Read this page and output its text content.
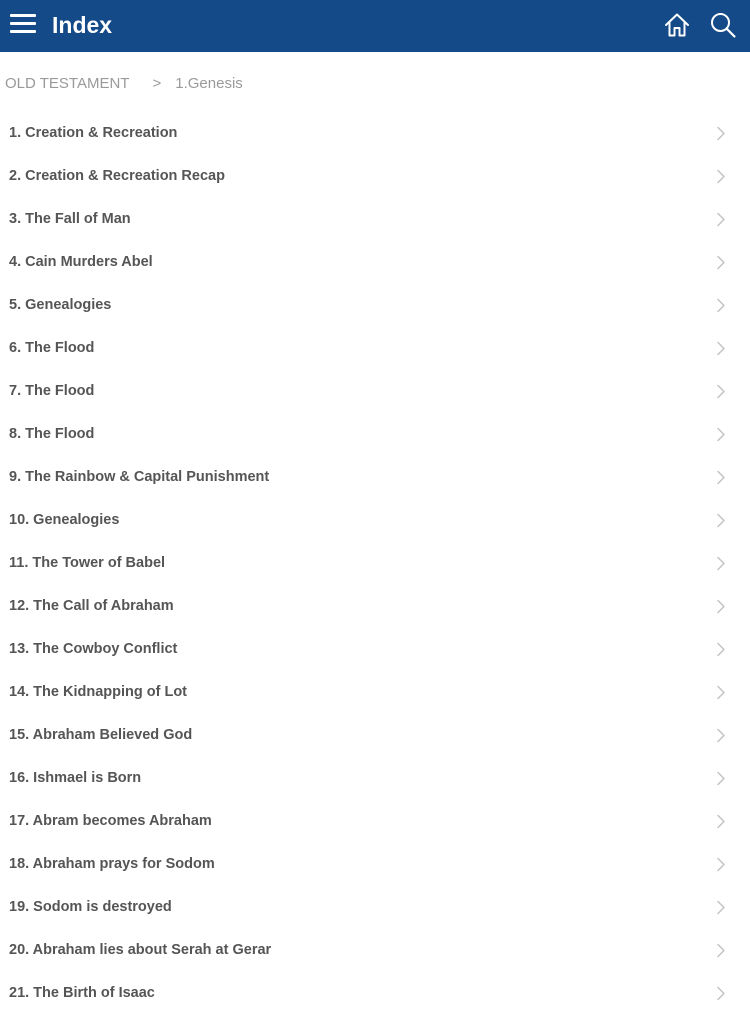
Index
OLD TESTAMENT > 1.Genesis
1. Creation & Recreation
2. Creation & Recreation Recap
3. The Fall of Man
4. Cain Murders Abel
5. Genealogies
6. The Flood
7. The Flood
8. The Flood
9. The Rainbow & Capital Punishment
10. Genealogies
11. The Tower of Babel
12. The Call of Abraham
13. The Cowboy Conflict
14. The Kidnapping of Lot
15. Abraham Believed God
16. Ishmael is Born
17. Abram becomes Abraham
18. Abraham prays for Sodom
19. Sodom is destroyed
20. Abraham lies about Serah at Gerar
21. The Birth of Isaac
